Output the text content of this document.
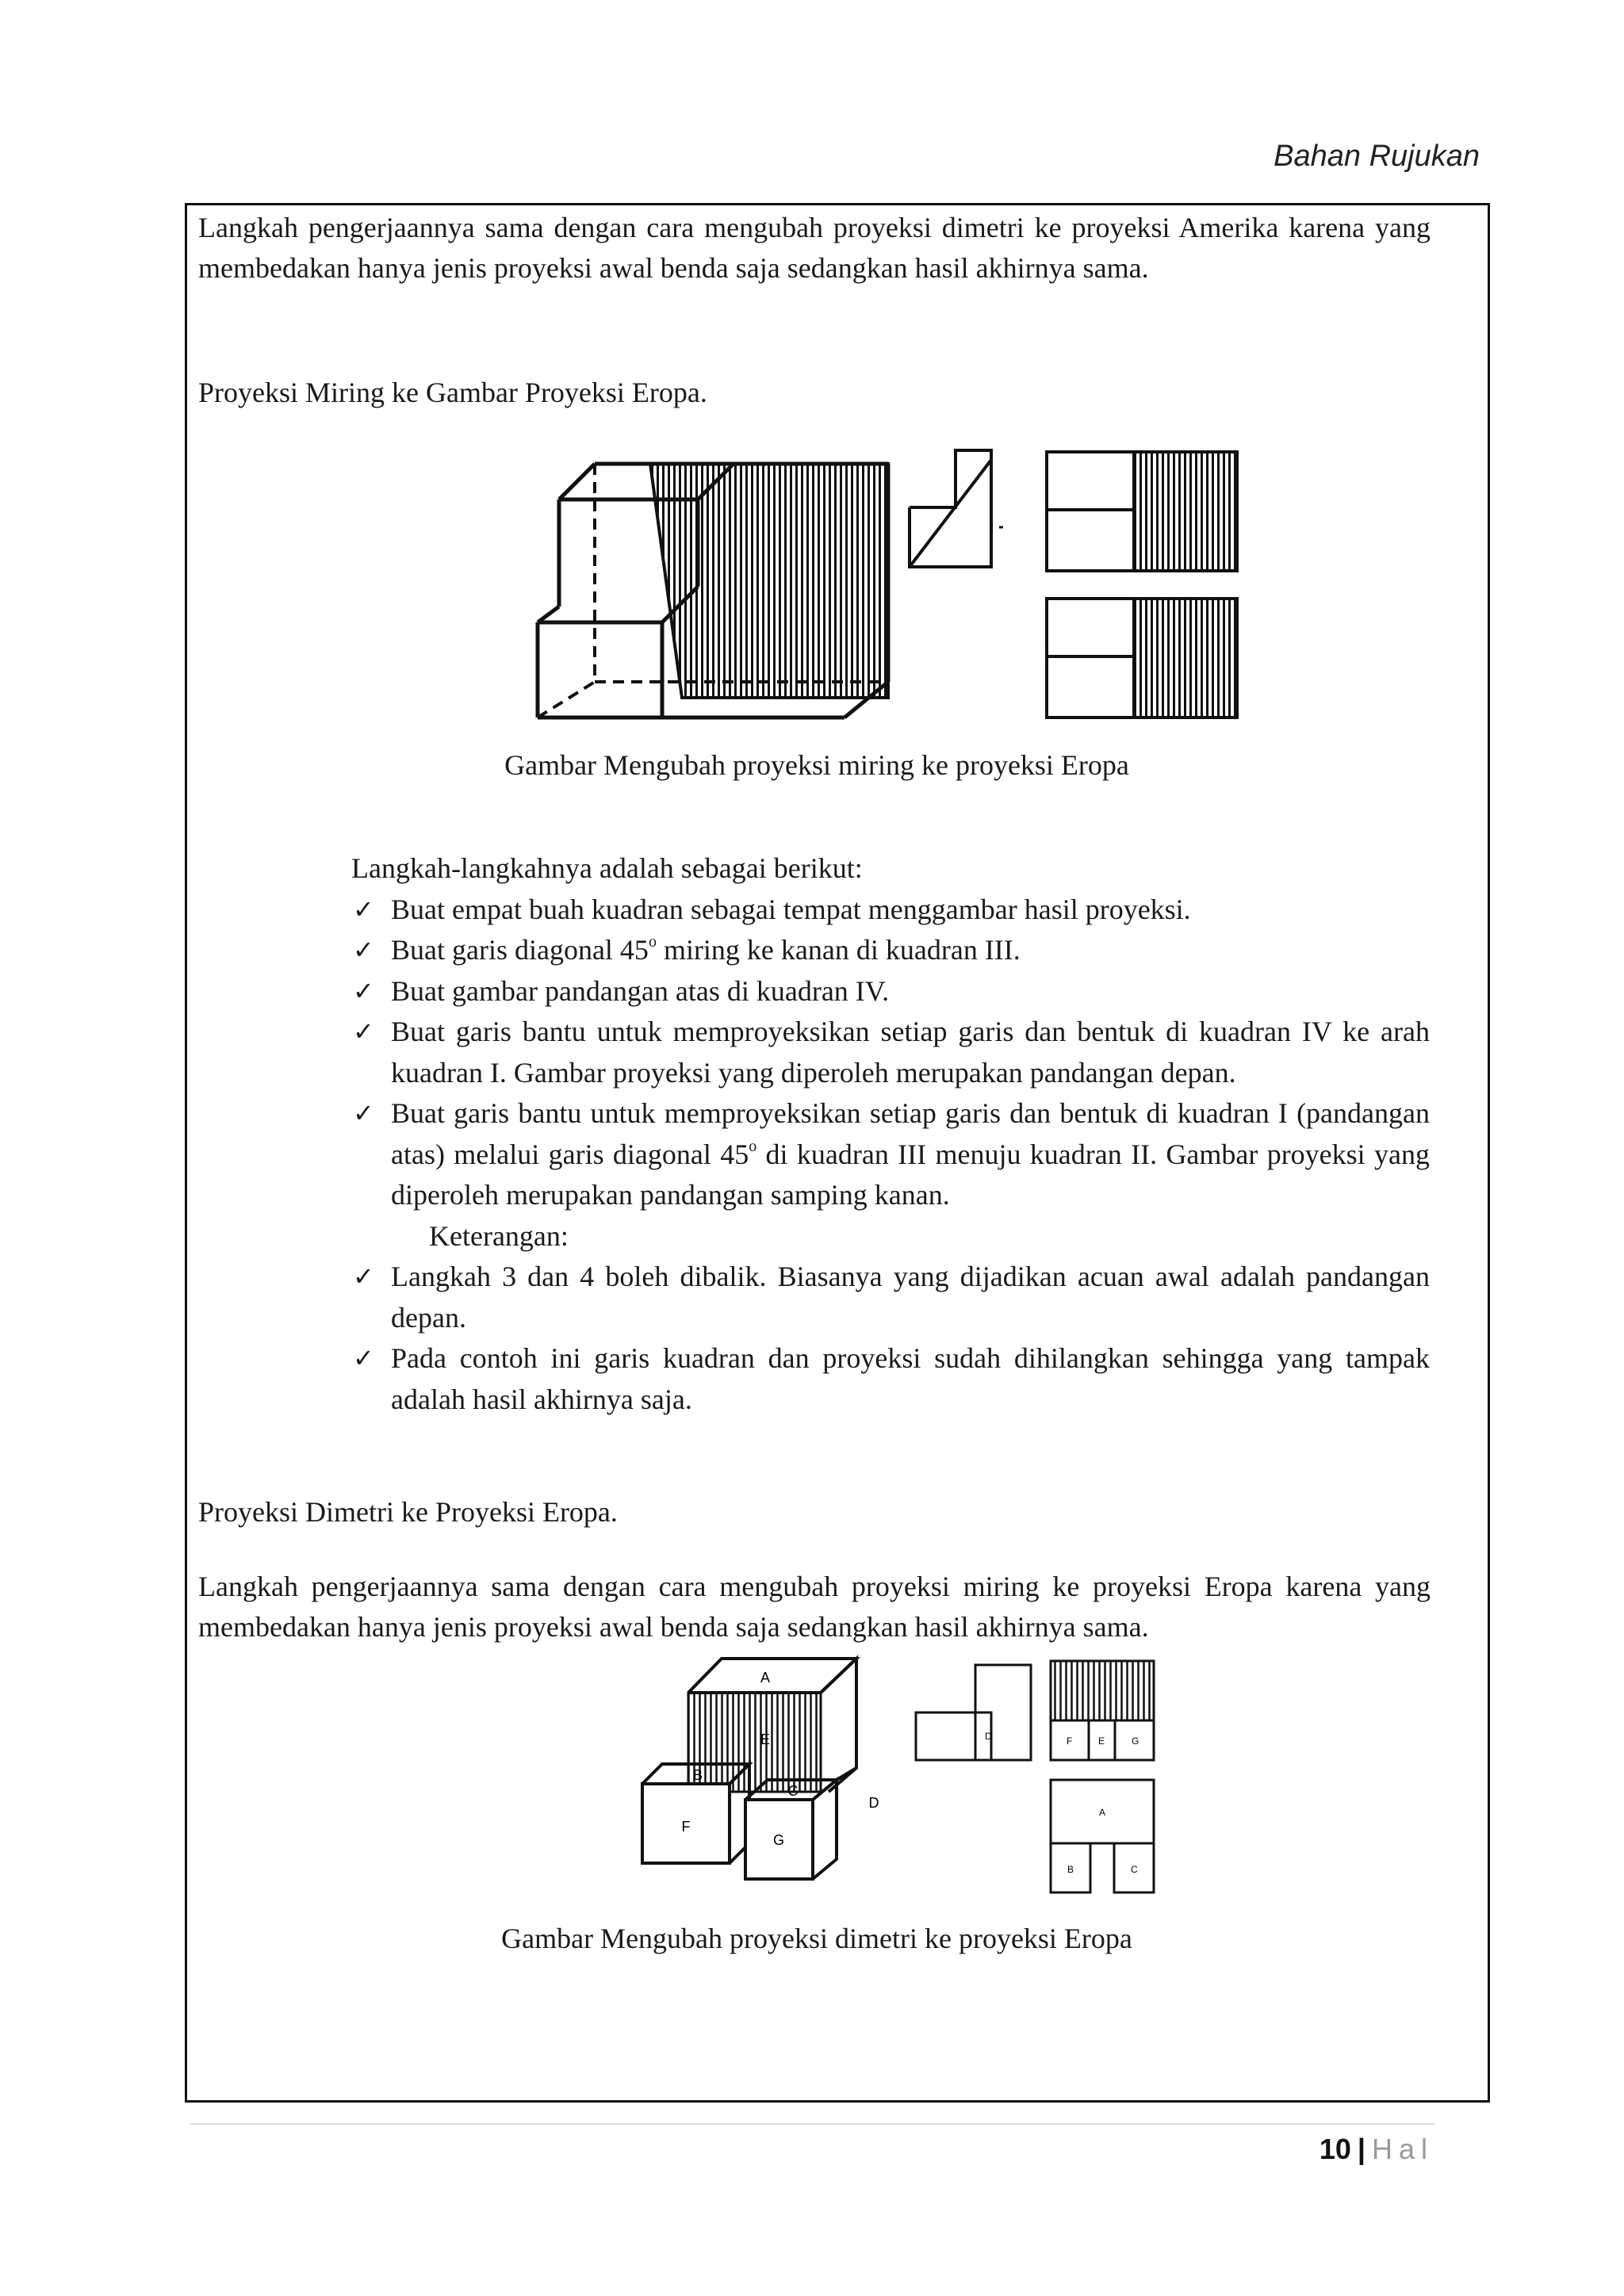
Bahan Rujukan
Langkah pengerjaannya sama dengan cara mengubah proyeksi dimetri ke proyeksi Amerika karena yang membedakan hanya jenis proyeksi awal benda saja sedangkan hasil akhirnya sama.
Proyeksi Miring ke Gambar Proyeksi Eropa.
Gambar Mengubah proyeksi miring ke proyeksi Eropa

Langkah-langkahnya adalah sebagai berikut:

✓ Buat empat buah kuadran sebagai tempat menggambar hasil proyeksi.
✓ Buat garis diagonal 45$^o$ miring ke kanan di kuadran III.
✓ Buat gambar pandangan atas di kuadran IV.
✓ Buat garis bantu untuk memproyeksikan setiap garis dan bentuk di kuadran IV ke arah kuadran I. Gambar proyeksi yang diperoleh merupakan pandangan depan.
✓ Buat garis bantu untuk memproyeksikan setiap garis dan bentuk di kuadran I (pandangan atas) melalui garis diagonal 45$^o$ di kuadran III menuju kuadran II. Gambar proyeksi yang diperoleh merupakan pandangan samping kanan.
Keterangan:
✓ Langkah 3 dan 4 boleh dibalik. Biasanya yang dijadikan acuan awal adalah pandangan depan.
✓ Pada contoh ini garis kuadran dan proyeksi sudah dihilangkan sehingga yang tampak adalah hasil akhirnya saja.
Proyeksi Dimetri ke Proyeksi Eropa.
Langkah pengerjaannya sama dengan cara mengubah proyeksi miring ke proyeksi Eropa karena yang membedakan hanya jenis proyeksi awal benda saja sedangkan hasil akhirnya sama.
A
E
B
F
C
G
D
D	F	E	G
A
B	C
Gambar Mengubah proyeksi dimetri ke proyeksi Eropa
10 | Hal
